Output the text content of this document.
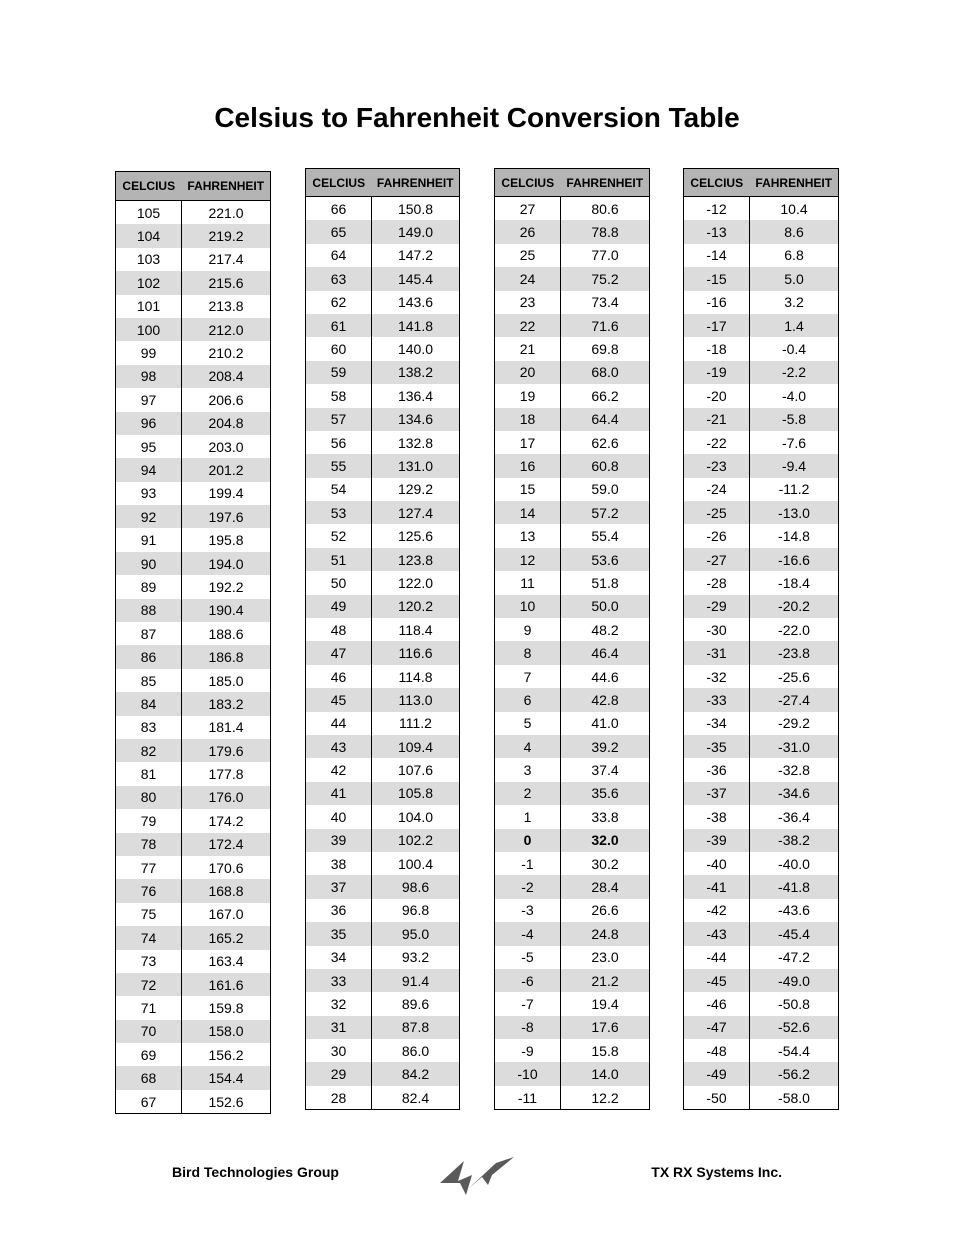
Celsius to Fahrenheit Conversion Table
CELCIUS	FAHRENHEIT
105	221.0
104	219.2
103	217.4
102	215.6
101	213.8
100	212.0
99	210.2
98	208.4
97	206.6
96	204.8
95	203.0
94	201.2
93	199.4
92	197.6
91	195.8
90	194.0
89	192.2
88	190.4
87	188.6
86	186.8
85	185.0
84	183.2
83	181.4
82	179.6
81	177.8
80	176.0
79	174.2
78	172.4
77	170.6
76	168.8
75	167.0
74	165.2
73	163.4
72	161.6
71	159.8
70	158.0
69	156.2
68	154.4
67	152.6
CELCIUS	FAHRENHEIT
66	150.8
65	149.0
64	147.2
63	145.4
62	143.6
61	141.8
60	140.0
59	138.2
58	136.4
57	134.6
56	132.8
55	131.0
54	129.2
53	127.4
52	125.6
51	123.8
50	122.0
49	120.2
48	118.4
47	116.6
46	114.8
45	113.0
44	111.2
43	109.4
42	107.6
41	105.8
40	104.0
39	102.2
38	100.4
37	98.6
36	96.8
35	95.0
34	93.2
33	91.4
32	89.6
31	87.8
30	86.0
29	84.2
28	82.4
CELCIUS	FAHRENHEIT
27	80.6
26	78.8
25	77.0
24	75.2
23	73.4
22	71.6
21	69.8
20	68.0
19	66.2
18	64.4
17	62.6
16	60.8
15	59.0
14	57.2
13	55.4
12	53.6
11	51.8
10	50.0
9	48.2
8	46.4
7	44.6
6	42.8
5	41.0
4	39.2
3	37.4
2	35.6
1	33.8
0	32.0
-1	30.2
-2	28.4
-3	26.6
-4	24.8
-5	23.0
-6	21.2
-7	19.4
-8	17.6
-9	15.8
-10	14.0
-11	12.2
CELCIUS	FAHRENHEIT
-12	10.4
-13	8.6
-14	6.8
-15	5.0
-16	3.2
-17	1.4
-18	-0.4
-19	-2.2
-20	-4.0
-21	-5.8
-22	-7.6
-23	-9.4
-24	-11.2
-25	-13.0
-26	-14.8
-27	-16.6
-28	-18.4
-29	-20.2
-30	-22.0
-31	-23.8
-32	-25.6
-33	-27.4
-34	-29.2
-35	-31.0
-36	-32.8
-37	-34.6
-38	-36.4
-39	-38.2
-40	-40.0
-41	-41.8
-42	-43.6
-43	-45.4
-44	-47.2
-45	-49.0
-46	-50.8
-47	-52.6
-48	-54.4
-49	-56.2
-50	-58.0
Bird Technologies Group	TX RX Systems Inc.
